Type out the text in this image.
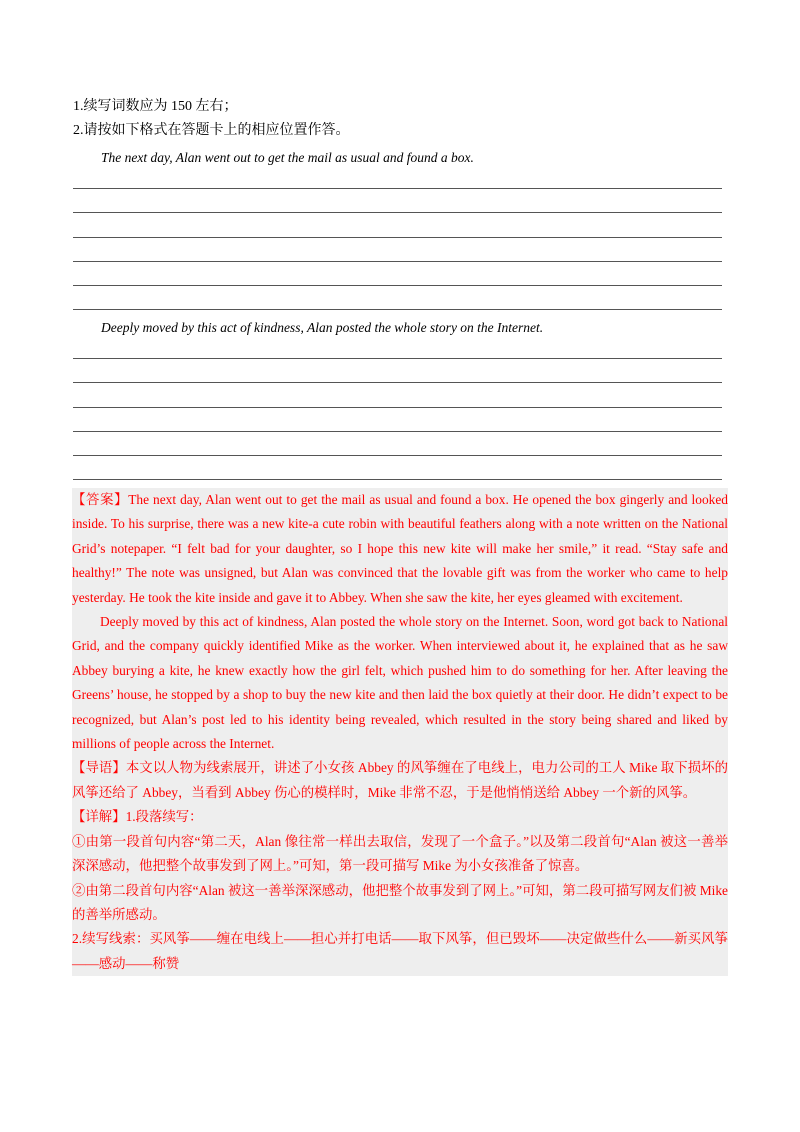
1.续写词数应为 150 左右；
2.请按如下格式在答题卡上的相应位置作答。
The next day, Alan went out to get the mail as usual and found a box.
Deeply moved by this act of kindness, Alan posted the whole story on the Internet.

【答案】The next day, Alan went out to get the mail as usual and found a box. He opened the box gingerly and looked inside. To his surprise, there was a new kite-a cute robin with beautiful feathers along with a note written on the National Grid’s notepaper. “I felt bad for your daughter, so I hope this new kite will make her smile,” it read. “Stay safe and healthy!” The note was unsigned, but Alan was convinced that the lovable gift was from the worker who came to help yesterday. He took the kite inside and gave it to Abbey. When she saw the kite, her eyes gleamed with excitement.

Deeply moved by this act of kindness, Alan posted the whole story on the Internet. Soon, word got back to National Grid, and the company quickly identified Mike as the worker. When interviewed about it, he explained that as he saw Abbey burying a kite, he knew exactly how the girl felt, which pushed him to do something for her. After leaving the Greens’ house, he stopped by a shop to buy the new kite and then laid the box quietly at their door. He didn’t expect to be recognized, but Alan’s post led to his identity being revealed, which resulted in the story being shared and liked by millions of people across the Internet.

【导语】本文以人物为线索展开，讲述了小女孩 Abbey 的风筝缠在了电线上，电力公司的工人 Mike 取下损坏的风筝还给了 Abbey，当看到 Abbey 伤心的模样时，Mike 非常不忍，于是他悄悄送给 Abbey 一个新的风筝。

【详解】1.段落续写：

①由第一段首句内容“第二天，Alan 像往常一样出去取信，发现了一个盒子。”以及第二段首句“Alan 被这一善举深深感动，他把整个故事发到了网上。”可知，第一段可描写 Mike 为小女孩准备了惊喜。

②由第二段首句内容“Alan 被这一善举深深感动，他把整个故事发到了网上。”可知，第二段可描写网友们被 Mike 的善举所感动。

2.续写线索：买风筝——缠在电线上——担心并打电话——取下风筝，但已毁坏——决定做些什么——新买风筝——感动——称赞
